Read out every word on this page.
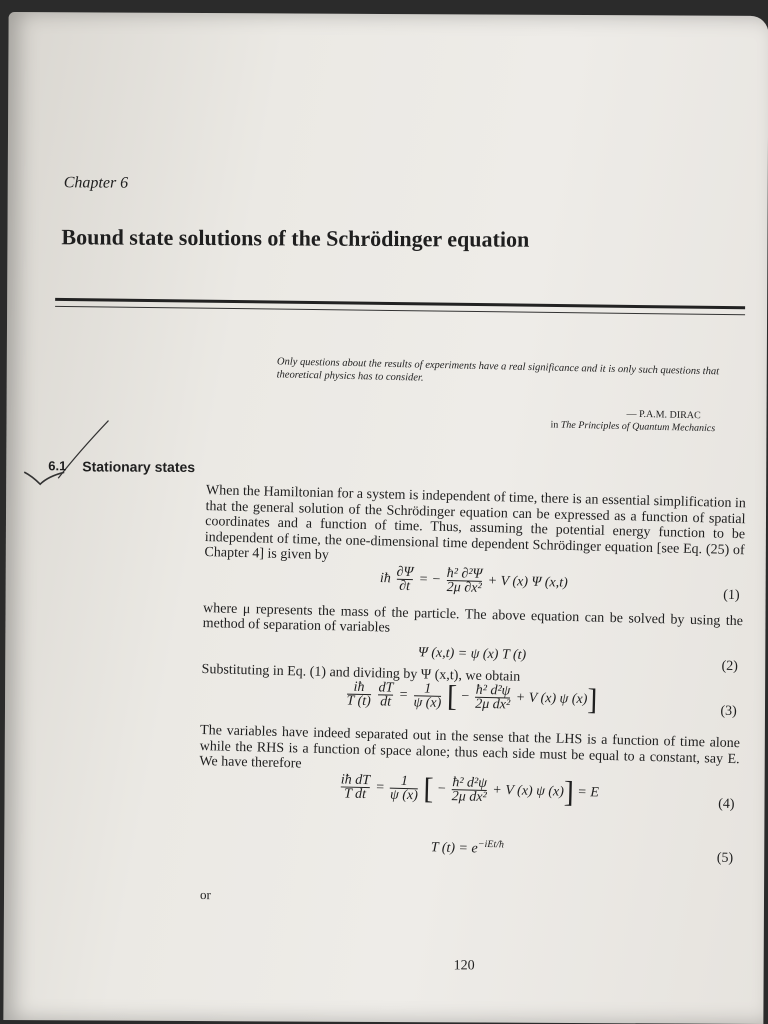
Chapter 6
Bound state solutions of the Schrödinger equation
Only questions about the results of experiments have a real significance and it is only such questions that theoretical physics has to consider.
— P.A.M. DIRAC
in The Principles of Quantum Mechanics
6.1 Stationary states

When the Hamiltonian for a system is independent of time, there is an essential simplification in that the general solution of the Schrödinger equation can be expressed as a function of spatial coordinates and a function of time. Thus, assuming the potential energy function to be independent of time, the one-dimensional time dependent Schrödinger equation [see Eq. (25) of Chapter 4] is given by

iħ $\frac{\partial\Psi}{\partial t}$ = − $\frac{\text{ħ² ∂²Ψ}}{\text{2μ ∂x²}} + V$ (x) Ψ (x,t)
(1)

where μ represents the mass of the particle. The above equation can be solved by using the method of separation of variables

Ψ (x,t) = ψ (x) T (t)
(2)

Substituting in Eq. (1) and dividing by Ψ (x,t), we obtain

$\frac{iħ}{T (t)}$
$\frac{dT}{dt} = \frac{1}{\psi (x)}$ [ − $\frac{\text{ħ² d²ψ}}{\text{2μ dx²}} + V$ (x) ψ (x)]	(3)

The variables have indeed separated out in the sense that the LHS is a function of time alone while the RHS is a function of space alone; thus each side must be equal to a constant, say E. We have therefore

$\frac{\text{iħ dT}}{\text{T dt}} = \frac{1}{\psi (x)}$ [ − $\frac{\text{ħ² d²ψ}}{\text{2μ dx²}} + V$ (x) ψ (x)] = E
(4)
T $(t) = e^{-iEt/ħ}$
(5)
or
120
